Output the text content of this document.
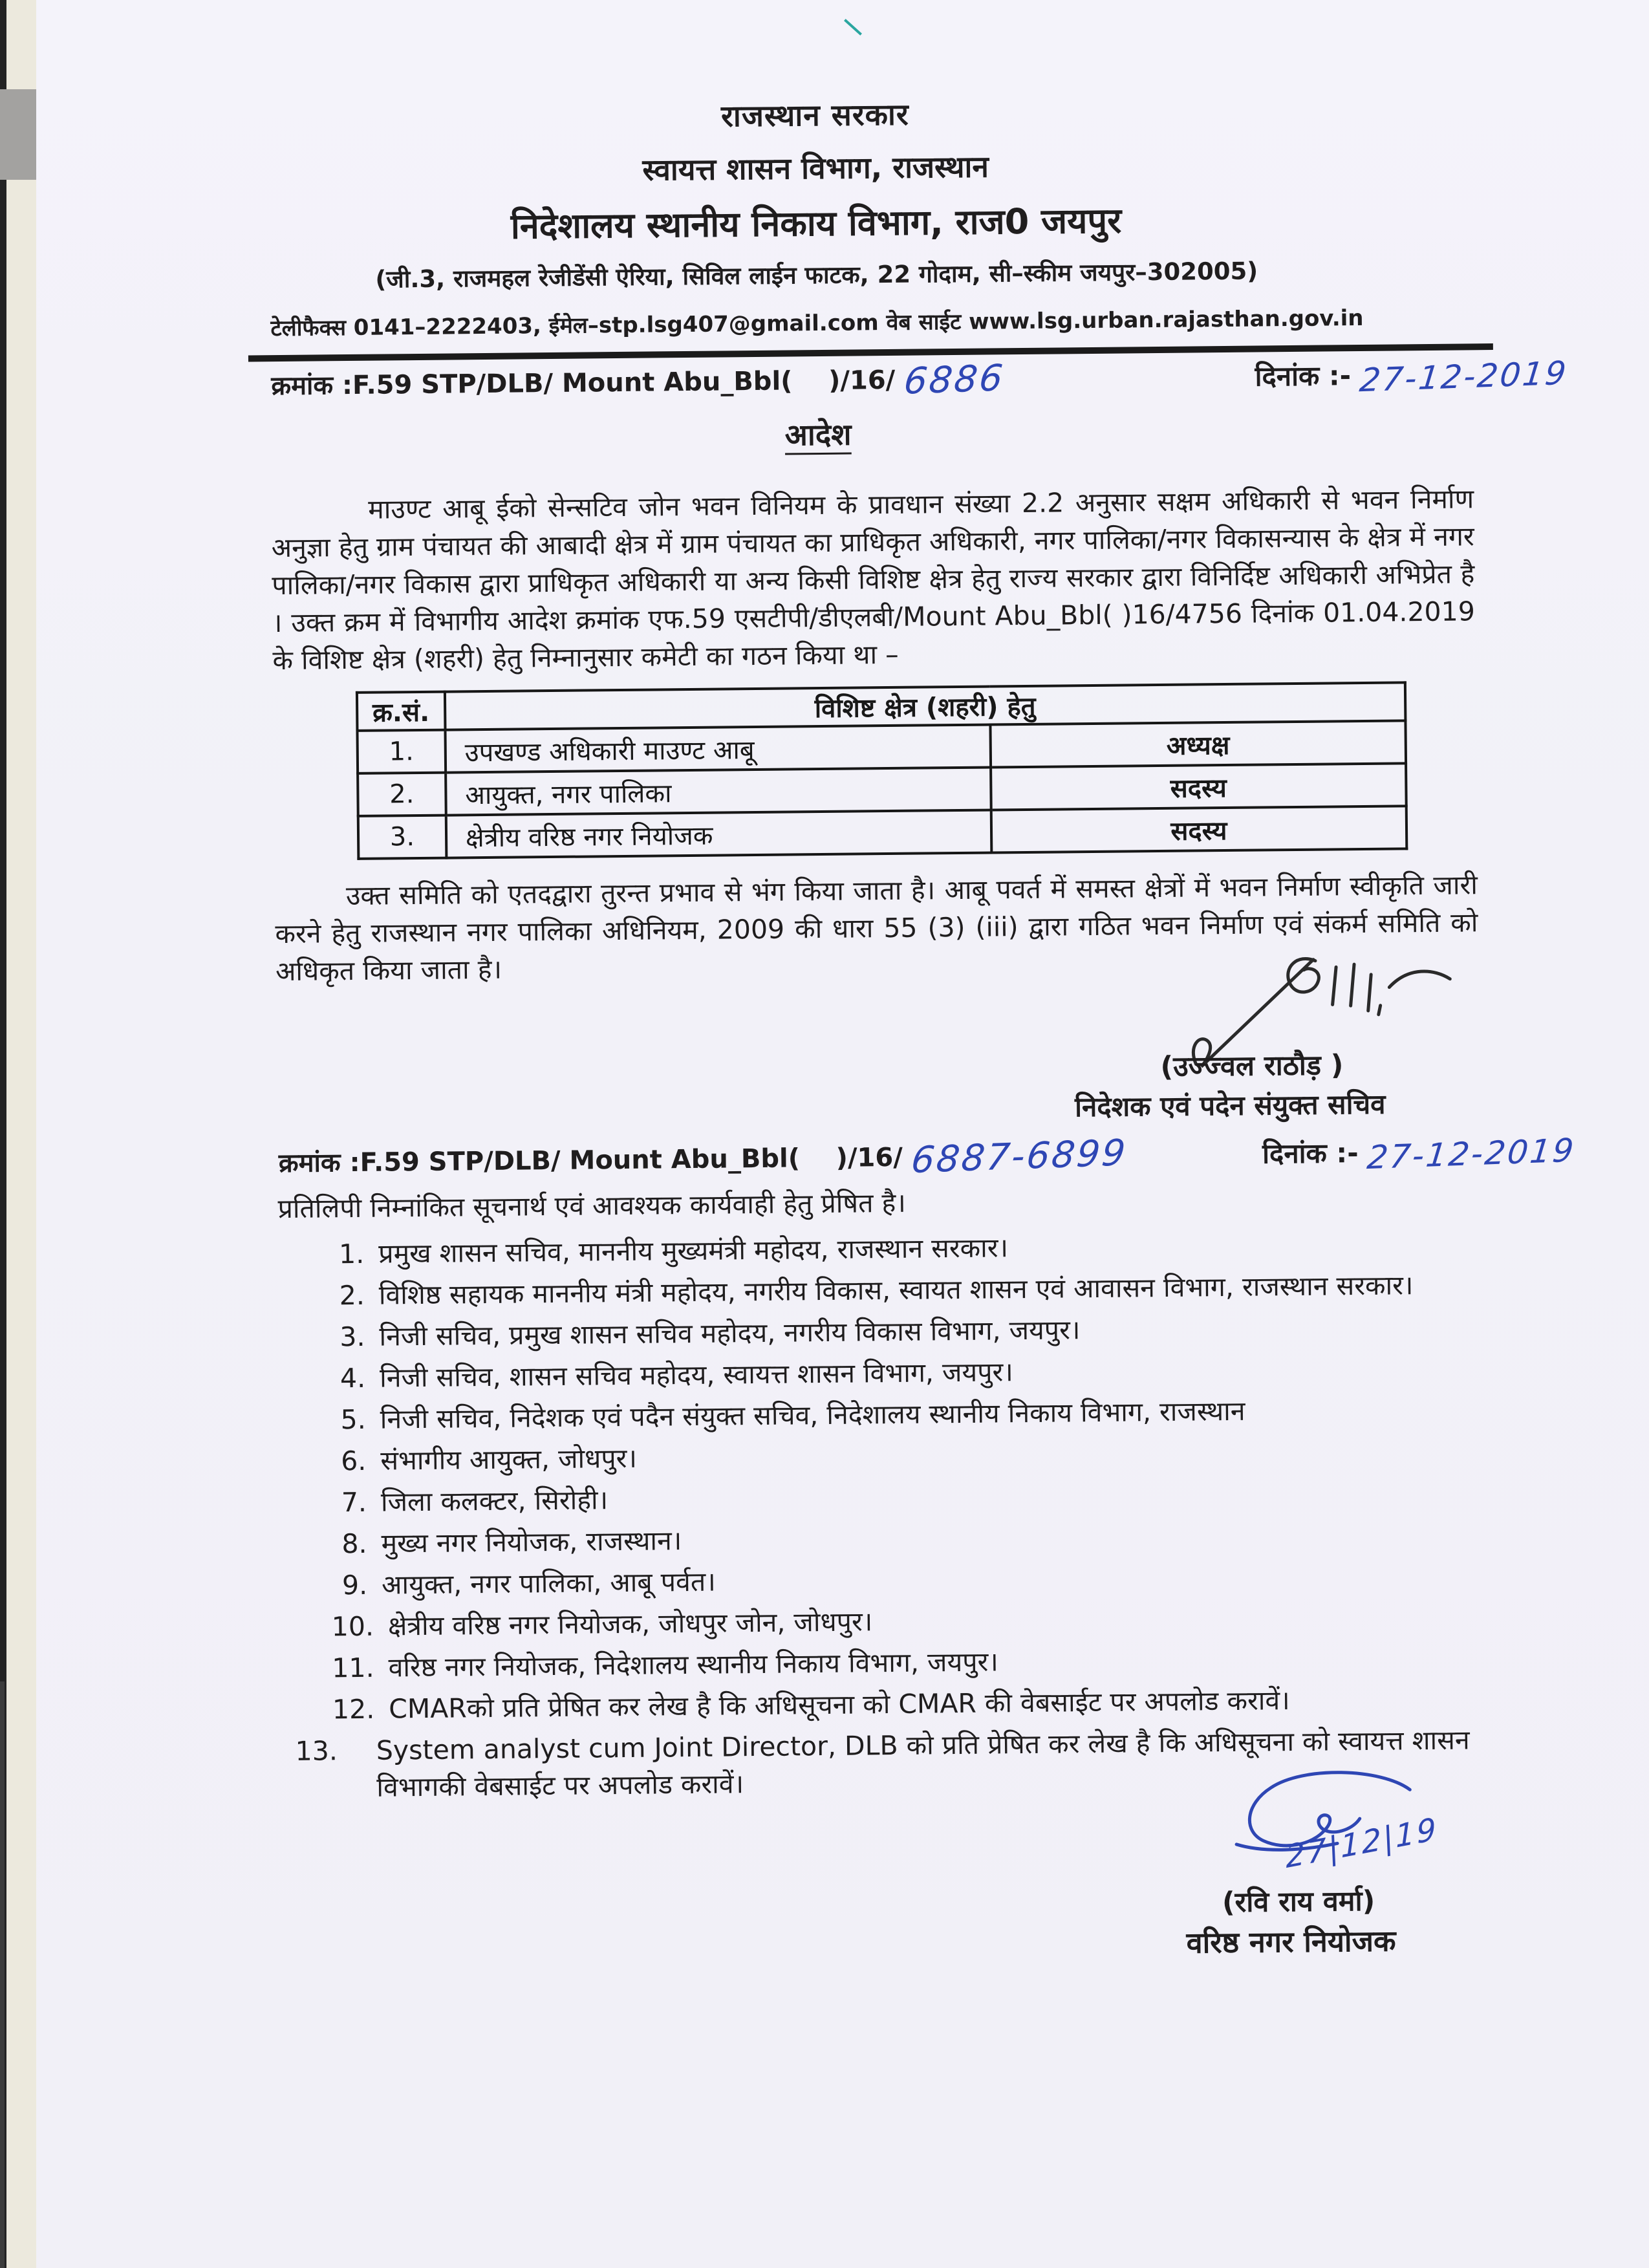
राजस्थान सरकार
स्वायत्त शासन विभाग, राजस्थान
निदेशालय स्थानीय निकाय विभाग, राज0 जयपुर
(जी.3, राजमहल रेजीडेंसी ऐरिया, सिविल लाईन फाटक, 22 गोदाम, सी–स्कीम जयपुर–302005)
टेलीफैक्स 0141–2222403, ईमेल–stp.lsg407@gmail.com वेब साईट www.lsg.urban.rajasthan.gov.in
क्रमांक :F.59 STP/DLB/ Mount Abu_Bbl(    )/16/ 6886	दिनांक :- 27-12-2019
आदेश
माउण्ट आबू ईको सेन्सटिव जोन भवन विनियम के प्रावधान संख्या 2.2 अनुसार सक्षम अधिकारी से भवन निर्माण अनुज्ञा हेतु ग्राम पंचायत की आबादी क्षेत्र में ग्राम पंचायत का प्राधिकृत अधिकारी, नगर पालिका/नगर विकासन्यास के क्षेत्र में नगर पालिका/नगर विकास द्वारा प्राधिकृत अधिकारी या अन्य किसी विशिष्ट क्षेत्र हेतु राज्य सरकार द्वारा विनिर्दिष्ट अधिकारी अभिप्रेत है । उक्त क्रम में विभागीय आदेश क्रमांक एफ.59 एसटीपी/डीएलबी/Mount Abu_Bbl( )16/4756 दिनांक 01.04.2019 के विशिष्ट क्षेत्र (शहरी) हेतु निम्नानुसार कमेटी का गठन किया था –
क्र.सं.	विशिष्ट क्षेत्र (शहरी) हेतु	
1.	उपखण्ड अधिकारी माउण्ट आबू	अध्यक्ष
2.	आयुक्त, नगर पालिका	सदस्य
3.	क्षेत्रीय वरिष्ठ नगर नियोजक	सदस्य
उक्त समिति को एतदद्वारा तुरन्त प्रभाव से भंग किया जाता है। आबू पवर्त में समस्त क्षेत्रों में भवन निर्माण स्वीकृति जारी करने हेतु राजस्थान नगर पालिका अधिनियम, 2009 की धारा 55 (3) (iii) द्वारा गठित भवन निर्माण एवं संकर्म समिति को अधिकृत किया जाता है।
(उज्ज्वल राठौड़ )
निदेशक एवं पदेन संयुक्त सचिव
क्रमांक :F.59 STP/DLB/ Mount Abu_Bbl(    )/16/ 6887-6899	दिनांक :- 27-12-2019
प्रतिलिपी निम्नांकित सूचनार्थ एवं आवश्यक कार्यवाही हेतु प्रेषित है।
1. प्रमुख शासन सचिव, माननीय मुख्यमंत्री महोदय, राजस्थान सरकार।
2. विशिष्ठ सहायक माननीय मंत्री महोदय, नगरीय विकास, स्वायत शासन एवं आवासन विभाग, राजस्थान सरकार।
3. निजी सचिव, प्रमुख शासन सचिव महोदय, नगरीय विकास विभाग, जयपुर।
4. निजी सचिव, शासन सचिव महोदय, स्वायत्त शासन विभाग, जयपुर।
5. निजी सचिव, निदेशक एवं पदैन संयुक्त सचिव, निदेशालय स्थानीय निकाय विभाग, राजस्थान
6. संभागीय आयुक्त, जोधपुर।
7. जिला कलक्टर, सिरोही।
8. मुख्य नगर नियोजक, राजस्थान।
9. आयुक्त, नगर पालिका, आबू पर्वत।
10. क्षेत्रीय वरिष्ठ नगर नियोजक, जोधपुर जोन, जोधपुर।
11. वरिष्ठ नगर नियोजक, निदेशालय स्थानीय निकाय विभाग, जयपुर।
12. CMARको प्रति प्रेषित कर लेख है कि अधिसूचना को CMAR की वेबसाईट पर अपलोड करावें।
13.	System analyst cum Joint Director, DLB को प्रति प्रेषित कर लेख है कि अधिसूचना को स्वायत्त शासन विभागकी वेबसाईट पर अपलोड करावें।
27|12|19
(रवि राय वर्मा)
वरिष्ठ नगर नियोजक
